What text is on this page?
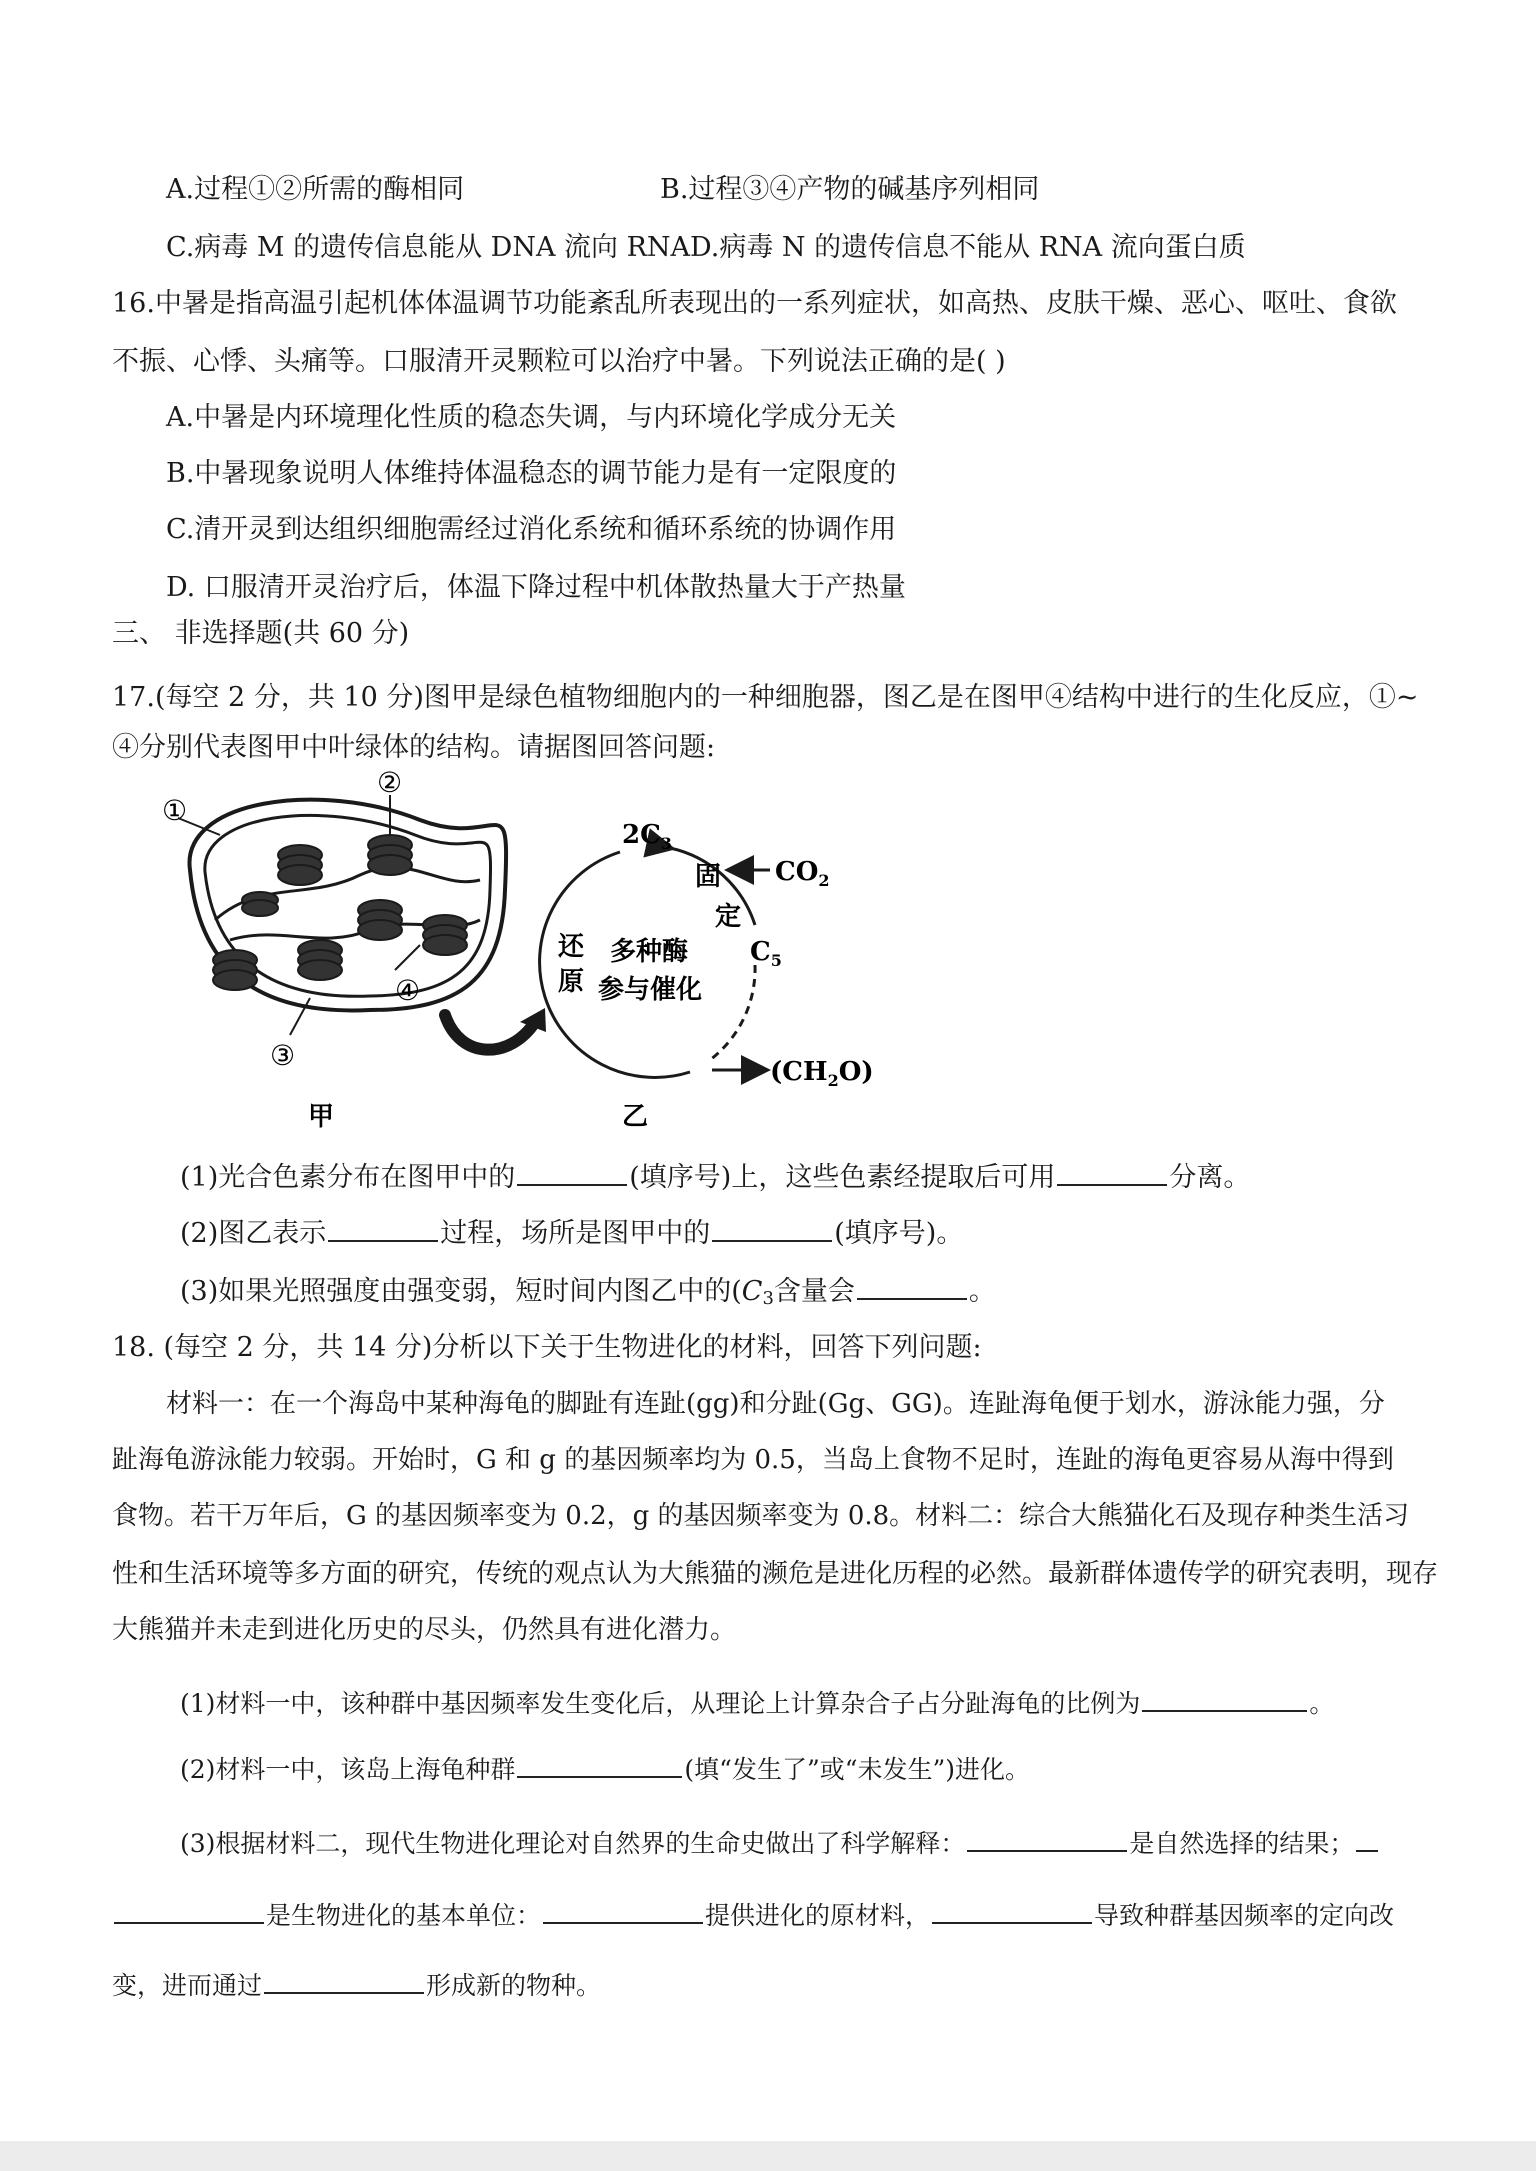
A.过程①②所需的酶相同	B.过程③④产物的碱基序列相同
C.病毒 M 的遗传信息能从 DNA 流向 RNAD.病毒 N 的遗传信息不能从 RNA 流向蛋白质
16.中暑是指高温引起机体体温调节功能紊乱所表现出的一系列症状，如高热、皮肤干燥、恶心、呕吐、食欲
不振、心悸、头痛等。口服清开灵颗粒可以治疗中暑。下列说法正确的是( )
A.中暑是内环境理化性质的稳态失调，与内环境化学成分无关
B.中暑现象说明人体维持体温稳态的调节能力是有一定限度的
C.清开灵到达组织细胞需经过消化系统和循环系统的协调作用
D. 口服清开灵治疗后，体温下降过程中机体散热量大于产热量
三、 非选择题(共 60 分)
17.(每空 2 分，共 10 分)图甲是绿色植物细胞内的一种细胞器，图乙是在图甲④结构中进行的生化反应，①~
④分别代表图甲中叶绿体的结构。请据图回答问题:
①
②
③
④
甲
$2C_3$
$CO_2$
$C_5$
$(CH_2O)$
固
定
还
原
多种酶
参与催化
乙
(1)光合色素分布在图甲中的	(填序号)上，这些色素经提取后可用	分离。
(2)图乙表示	过程，场所是图甲中的	(填序号)。
(3)如果光照强度由强变弱，短时间内图乙中的($C_3$含量会	。
18. (每空 2 分，共 14 分)分析以下关于生物进化的材料，回答下列问题:
材料一：在一个海岛中某种海龟的脚趾有连趾(gg)和分趾(Gg、GG)。连趾海龟便于划水，游泳能力强，分
趾海龟游泳能力较弱。开始时，G 和 g 的基因频率均为 0.5，当岛上食物不足时，连趾的海龟更容易从海中得到
食物。若干万年后，G 的基因频率变为 0.2，g 的基因频率变为 0.8。材料二：综合大熊猫化石及现存种类生活习
性和生活环境等多方面的研究，传统的观点认为大熊猫的濒危是进化历程的必然。最新群体遗传学的研究表明，现存
大熊猫并未走到进化历史的尽头，仍然具有进化潜力。
(1)材料一中，该种群中基因频率发生变化后，从理论上计算杂合子占分趾海龟的比例为	。
(2)材料一中，该岛上海龟种群	(填“发生了”或“未发生”)进化。
(3)根据材料二，现代生物进化理论对自然界的生命史做出了科学解释：	是自然选择的结果；
是生物进化的基本单位：	提供进化的原材料，	导致种群基因频率的定向改
变，进而通过	形成新的物种。
